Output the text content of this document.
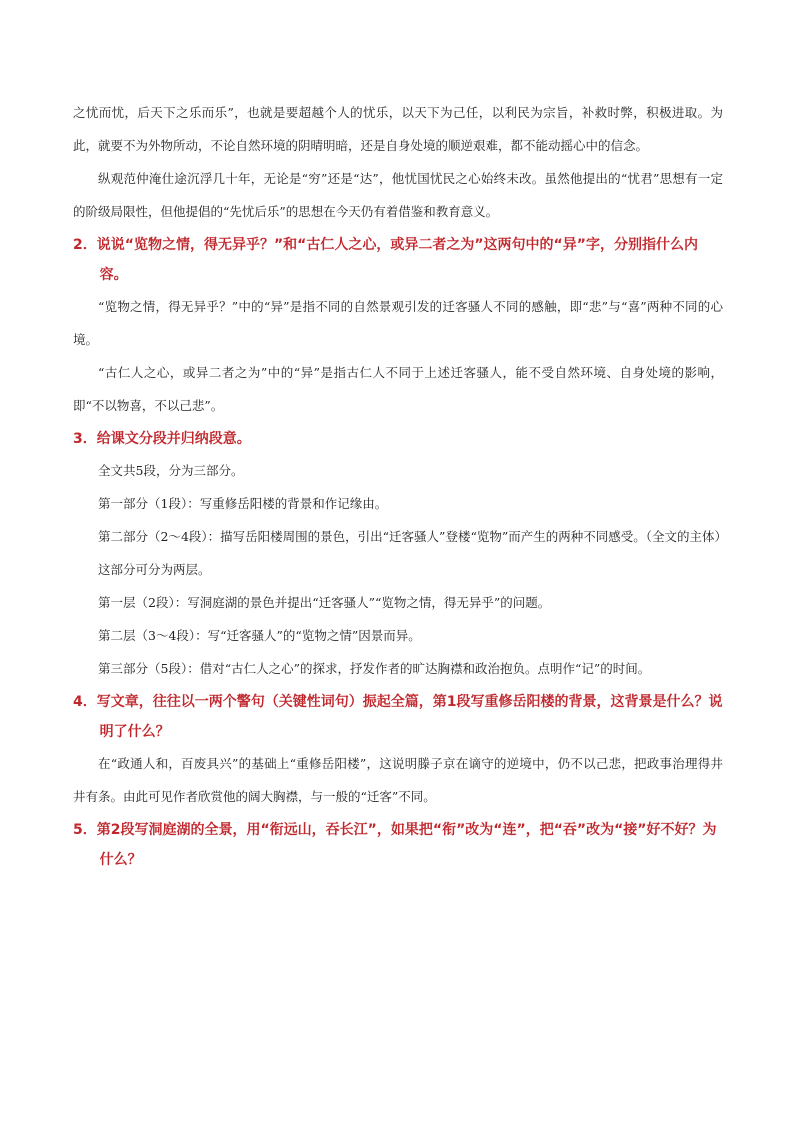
之忧而忧，后天下之乐而乐”，也就是要超越个人的忧乐，以天下为己任，以利民为宗旨，补救时弊，积极进取。为此，就要不为外物所动，不论自然环境的阴晴明暗，还是自身处境的顺逆艰难，都不能动摇心中的信念。

纵观范仲淹仕途沉浮几十年，无论是“穷”还是“达”，他忧国忧民之心始终未改。虽然他提出的“忧君”思想有一定的阶级局限性，但他提倡的“先忧后乐”的思想在今天仍有着借鉴和教育意义。

2．说说“览物之情，得无异乎？”和“古仁人之心，或异二者之为”这两句中的“异”字，分别指什么内容。

“览物之情，得无异乎？”中的“异”是指不同的自然景观引发的迁客骚人不同的感触，即“悲”与“喜”两种不同的心境。

“古仁人之心，或异二者之为”中的“异”是指古仁人不同于上述迁客骚人，能不受自然环境、自身处境的影响，即“不以物喜，不以己悲”。

3．给课文分段并归纳段意。

全文共5段，分为三部分。

第一部分（1段）：写重修岳阳楼的背景和作记缘由。

第二部分（2～4段）：描写岳阳楼周围的景色，引出“迁客骚人”登楼“览物”而产生的两种不同感受。（全文的主体）

这部分可分为两层。

第一层（2段）：写洞庭湖的景色并提出“迁客骚人”“览物之情，得无异乎”的问题。

第二层（3～4段）：写“迁客骚人”的“览物之情”因景而异。

第三部分（5段）：借对“古仁人之心”的探求，抒发作者的旷达胸襟和政治抱负。点明作“记”的时间。

4．写文章，往往以一两个警句（关键性词句）振起全篇，第1段写重修岳阳楼的背景，这背景是什么？说明了什么？

在“政通人和，百废具兴”的基础上“重修岳阳楼”，这说明滕子京在谪守的逆境中，仍不以己悲，把政事治理得井井有条。由此可见作者欣赏他的阔大胸襟，与一般的“迁客”不同。

5．第2段写洞庭湖的全景，用“衔远山，吞长江”，如果把“衔”改为“连”，把“吞”改为“接”好不好？为什么？
